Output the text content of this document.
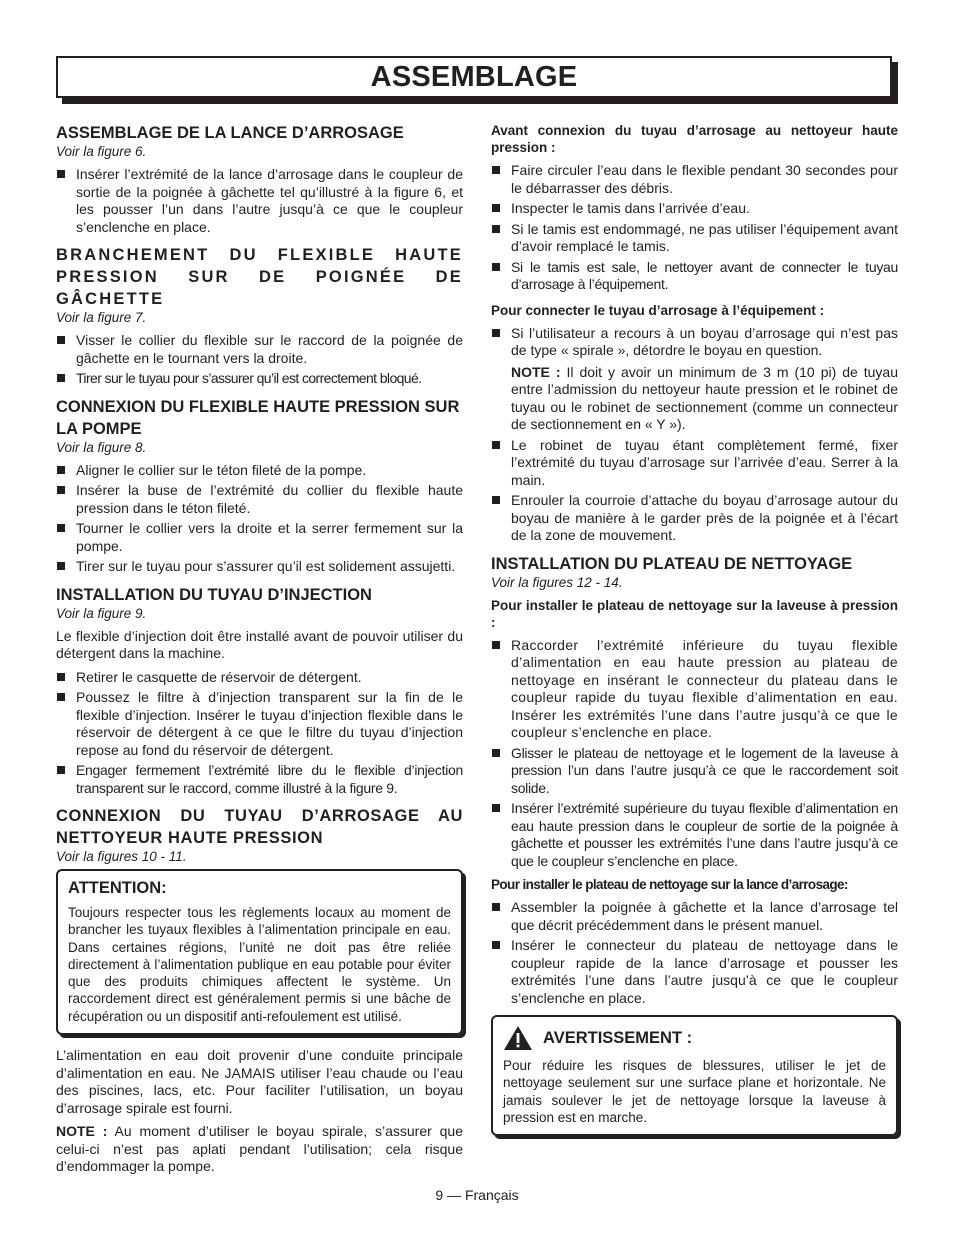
ASSEMBLAGE
ASSEMBLAGE DE LA LANCE D’ARROSAGE
Voir la figure 6.
Insérer l’extrémité de la lance d’arrosage dans le coupleur de sortie de la poignée à gâchette tel qu’illustré à la figure 6, et les pousser l’un dans l’autre jusqu’à ce que le coupleur s’enclenche en place.
BRANCHEMENT DU FLEXIBLE HAUTE PRESSION SUR DE POIGNÉE DE GÂCHETTE
Voir la figure 7.
Visser le collier du flexible sur le raccord de la poignée de gâchette en le tournant vers la droite.
Tirer sur le tuyau pour s’assurer qu’il est correctement bloqué.
CONNEXION DU FLEXIBLE HAUTE PRESSION SUR LA POMPE
Voir la figure 8.
Aligner le collier sur le téton fileté de la pompe.
Insérer la buse de l’extrémité du collier du flexible haute pression dans le téton fileté.
Tourner le collier vers la droite et la serrer fermement sur la pompe.
Tirer sur le tuyau pour s’assurer qu’il est solidement assujetti.
INSTALLATION DU TUYAU D’INJECTION
Voir la figure 9.

Le flexible d’injection doit être installé avant de pouvoir utiliser du détergent dans la machine.

Retirer le casquette de réservoir de détergent.
Poussez le filtre à d’injection transparent sur la fin de le flexible d’injection. Insérer le tuyau d’injection flexible dans le réservoir de détergent à ce que le filtre du tuyau d’injection repose au fond du réservoir de détergent.
Engager fermement l’extrémité libre du le flexible d’injection transparent sur le raccord, comme illustré à la figure 9.
CONNEXION DU TUYAU D’ARROSAGE AU NETTOYEUR HAUTE PRESSION
Voir la figures 10 - 11.
ATTENTION:

Toujours respecter tous les règlements locaux au moment de brancher les tuyaux flexibles à l’alimentation principale en eau. Dans certaines régions, l’unité ne doit pas être reliée directement à l’alimentation publique en eau potable pour éviter que des produits chimiques affectent le système. Un raccordement direct est généralement permis si une bâche de récupération ou un dispositif anti-refoulement est utilisé.

L’alimentation en eau doit provenir d’une conduite principale d’alimentation en eau. Ne JAMAIS utiliser l’eau chaude ou l’eau des piscines, lacs, etc. Pour faciliter l’utilisation, un boyau d’arrosage spirale est fourni.

NOTE : Au moment d’utiliser le boyau spirale, s’assurer que celui-ci n’est pas aplati pendant l’utilisation; cela risque d’endommager la pompe.

Avant connexion du tuyau d’arrosage au nettoyeur haute pression :

Faire circuler l’eau dans le flexible pendant 30 secondes pour le débarrasser des débris.
Inspecter le tamis dans l’arrivée d’eau.
Si le tamis est endommagé, ne pas utiliser l’équipement avant d’avoir remplacé le tamis.
Si le tamis est sale, le nettoyer avant de connecter le tuyau d’arrosage à l’équipement.

Pour connecter le tuyau d’arrosage à l’équipement :

Si l’utilisateur a recours à un boyau d’arrosage qui n’est pas de type « spirale », détordre le boyau en question.

NOTE : Il doit y avoir un minimum de 3 m (10 pi) de tuyau entre l’admission du nettoyeur haute pression et le robinet de tuyau ou le robinet de sectionnement (comme un connecteur de sectionnement en « Y »).

Le robinet de tuyau étant complètement fermé, fixer l’extrémité du tuyau d’arrosage sur l’arrivée d’eau. Serrer à la main.
Enrouler la courroie d’attache du boyau d’arrosage autour du boyau de manière à le garder près de la poignée et à l’écart de la zone de mouvement.
INSTALLATION DU PLATEAU DE NETTOYAGE
Voir la figures 12 - 14.

Pour installer le plateau de nettoyage sur la laveuse à pression :

Raccorder l’extrémité inférieure du tuyau flexible d’alimentation en eau haute pression au plateau de nettoyage en insérant le connecteur du plateau dans le coupleur rapide du tuyau flexible d’alimentation en eau. Insérer les extrémités l’une dans l’autre jusqu’à ce que le coupleur s’enclenche en place.
Glisser le plateau de nettoyage et le logement de la laveuse à pression l’un dans l’autre jusqu’à ce que le raccordement soit solide.
Insérer l’extrémité supérieure du tuyau flexible d’alimentation en eau haute pression dans le coupleur de sortie de la poignée à gâchette et pousser les extrémités l’une dans l’autre jusqu’à ce que le coupleur s’enclenche en place.

Pour installer le plateau de nettoyage sur la lance d’arrosage:

Assembler la poignée à gâchette et la lance d’arrosage tel que décrit précédemment dans le présent manuel.
Insérer le connecteur du plateau de nettoyage dans le coupleur rapide de la lance d’arrosage et pousser les extrémités l’une dans l’autre jusqu’à ce que le coupleur s’enclenche en place.
AVERTISSEMENT :

Pour réduire les risques de blessures, utiliser le jet de nettoyage seulement sur une surface plane et horizontale. Ne jamais soulever le jet de nettoyage lorsque la laveuse à pression est en marche.

9 — Français
